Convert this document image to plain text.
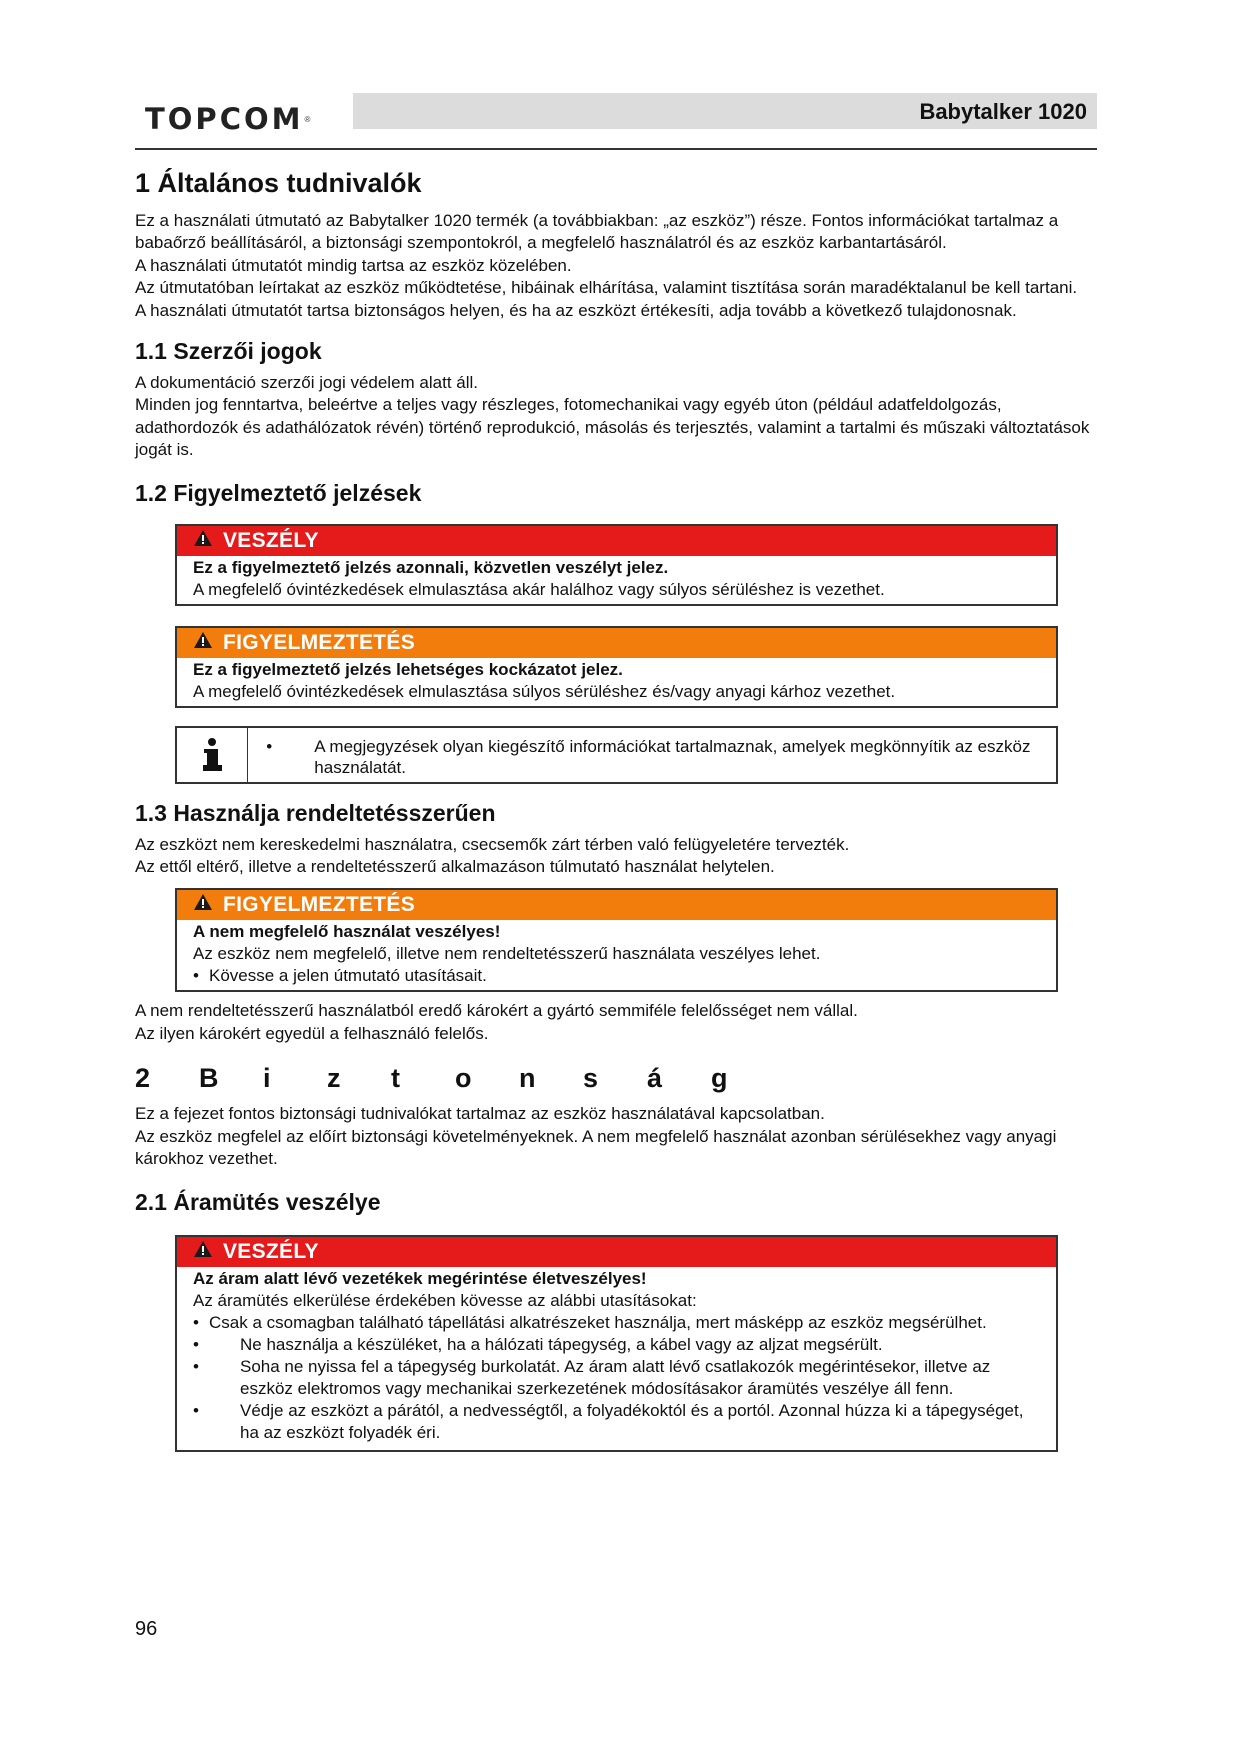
TOPCOM ®	Babytalker 1020
1 Általános tudnivalók

Ez a használati útmutató az Babytalker 1020 termék (a továbbiakban: „az eszköz”) része. Fontos információkat tartalmaz a babaőrző beállításáról, a biztonsági szempontokról, a megfelelő használatról és az eszköz karbantartásáról.

A használati útmutatót mindig tartsa az eszköz közelében.

Az útmutatóban leírtakat az eszköz működtetése, hibáinak elhárítása, valamint tisztítása során maradéktalanul be kell tartani.

A használati útmutatót tartsa biztonságos helyen, és ha az eszközt értékesíti, adja tovább a következő tulajdonosnak.

1.1 Szerzői jogok

A dokumentáció szerzői jogi védelem alatt áll.

Minden jog fenntartva, beleértve a teljes vagy részleges, fotomechanikai vagy egyéb úton (például adatfeldolgozás, adathordozók és adathálózatok révén) történő reprodukció, másolás és terjesztés, valamint a tartalmi és műszaki változtatások jogát is.

1.2 Figyelmeztető jelzések
VESZÉLY

Ez a figyelmeztető jelzés azonnali, közvetlen veszélyt jelez.

A megfelelő óvintézkedések elmulasztása akár halálhoz vagy súlyos sérüléshez is vezethet.

FIGYELMEZTETÉS

Ez a figyelmeztető jelzés lehetséges kockázatot jelez.

A megfelelő óvintézkedések elmulasztása súlyos sérüléshez és/vagy anyagi kárhoz vezethet.

•	A megjegyzések olyan kiegészítő információkat tartalmaznak, amelyek megkönnyítik az eszköz használatát.
1.3 Használja rendeltetésszerűen

Az eszközt nem kereskedelmi használatra, csecsemők zárt térben való felügyeletére tervezték.

Az ettől eltérő, illetve a rendeltetésszerű alkalmazáson túlmutató használat helytelen.

FIGYELMEZTETÉS

A nem megfelelő használat veszélyes!

Az eszköz nem megfelelő, illetve nem rendeltetésszerű használata veszélyes lehet.

• Kövesse a jelen útmutató utasításait.

A nem rendeltetésszerű használatból eredő károkért a gyártó semmiféle felelősséget nem vállal.

Az ilyen károkért egyedül a felhasználó felelős.

2	B	i	z	t	o	n	s	á	g

Ez a fejezet fontos biztonsági tudnivalókat tartalmaz az eszköz használatával kapcsolatban.

Az eszköz megfelel az előírt biztonsági követelményeknek. A nem megfelelő használat azonban sérülésekhez vagy anyagi károkhoz vezethet.

2.1 Áramütés veszélye
VESZÉLY

Az áram alatt lévő vezetékek megérintése életveszélyes!

Az áramütés elkerülése érdekében kövesse az alábbi utasításokat:

• Csak a csomagban található tápellátási alkatrészeket használja, mert másképp az eszköz megsérülhet.
•	Ne használja a készüléket, ha a hálózati tápegység, a kábel vagy az aljzat megsérült.
•	Soha ne nyissa fel a tápegység burkolatát. Az áram alatt lévő csatlakozók megérintésekor, illetve az eszköz elektromos vagy mechanikai szerkezetének módosításakor áramütés veszélye áll fenn.
•	Védje az eszközt a párától, a nedvességtől, a folyadékoktól és a portól. Azonnal húzza ki a tápegységet, ha az eszközt folyadék éri.
96
